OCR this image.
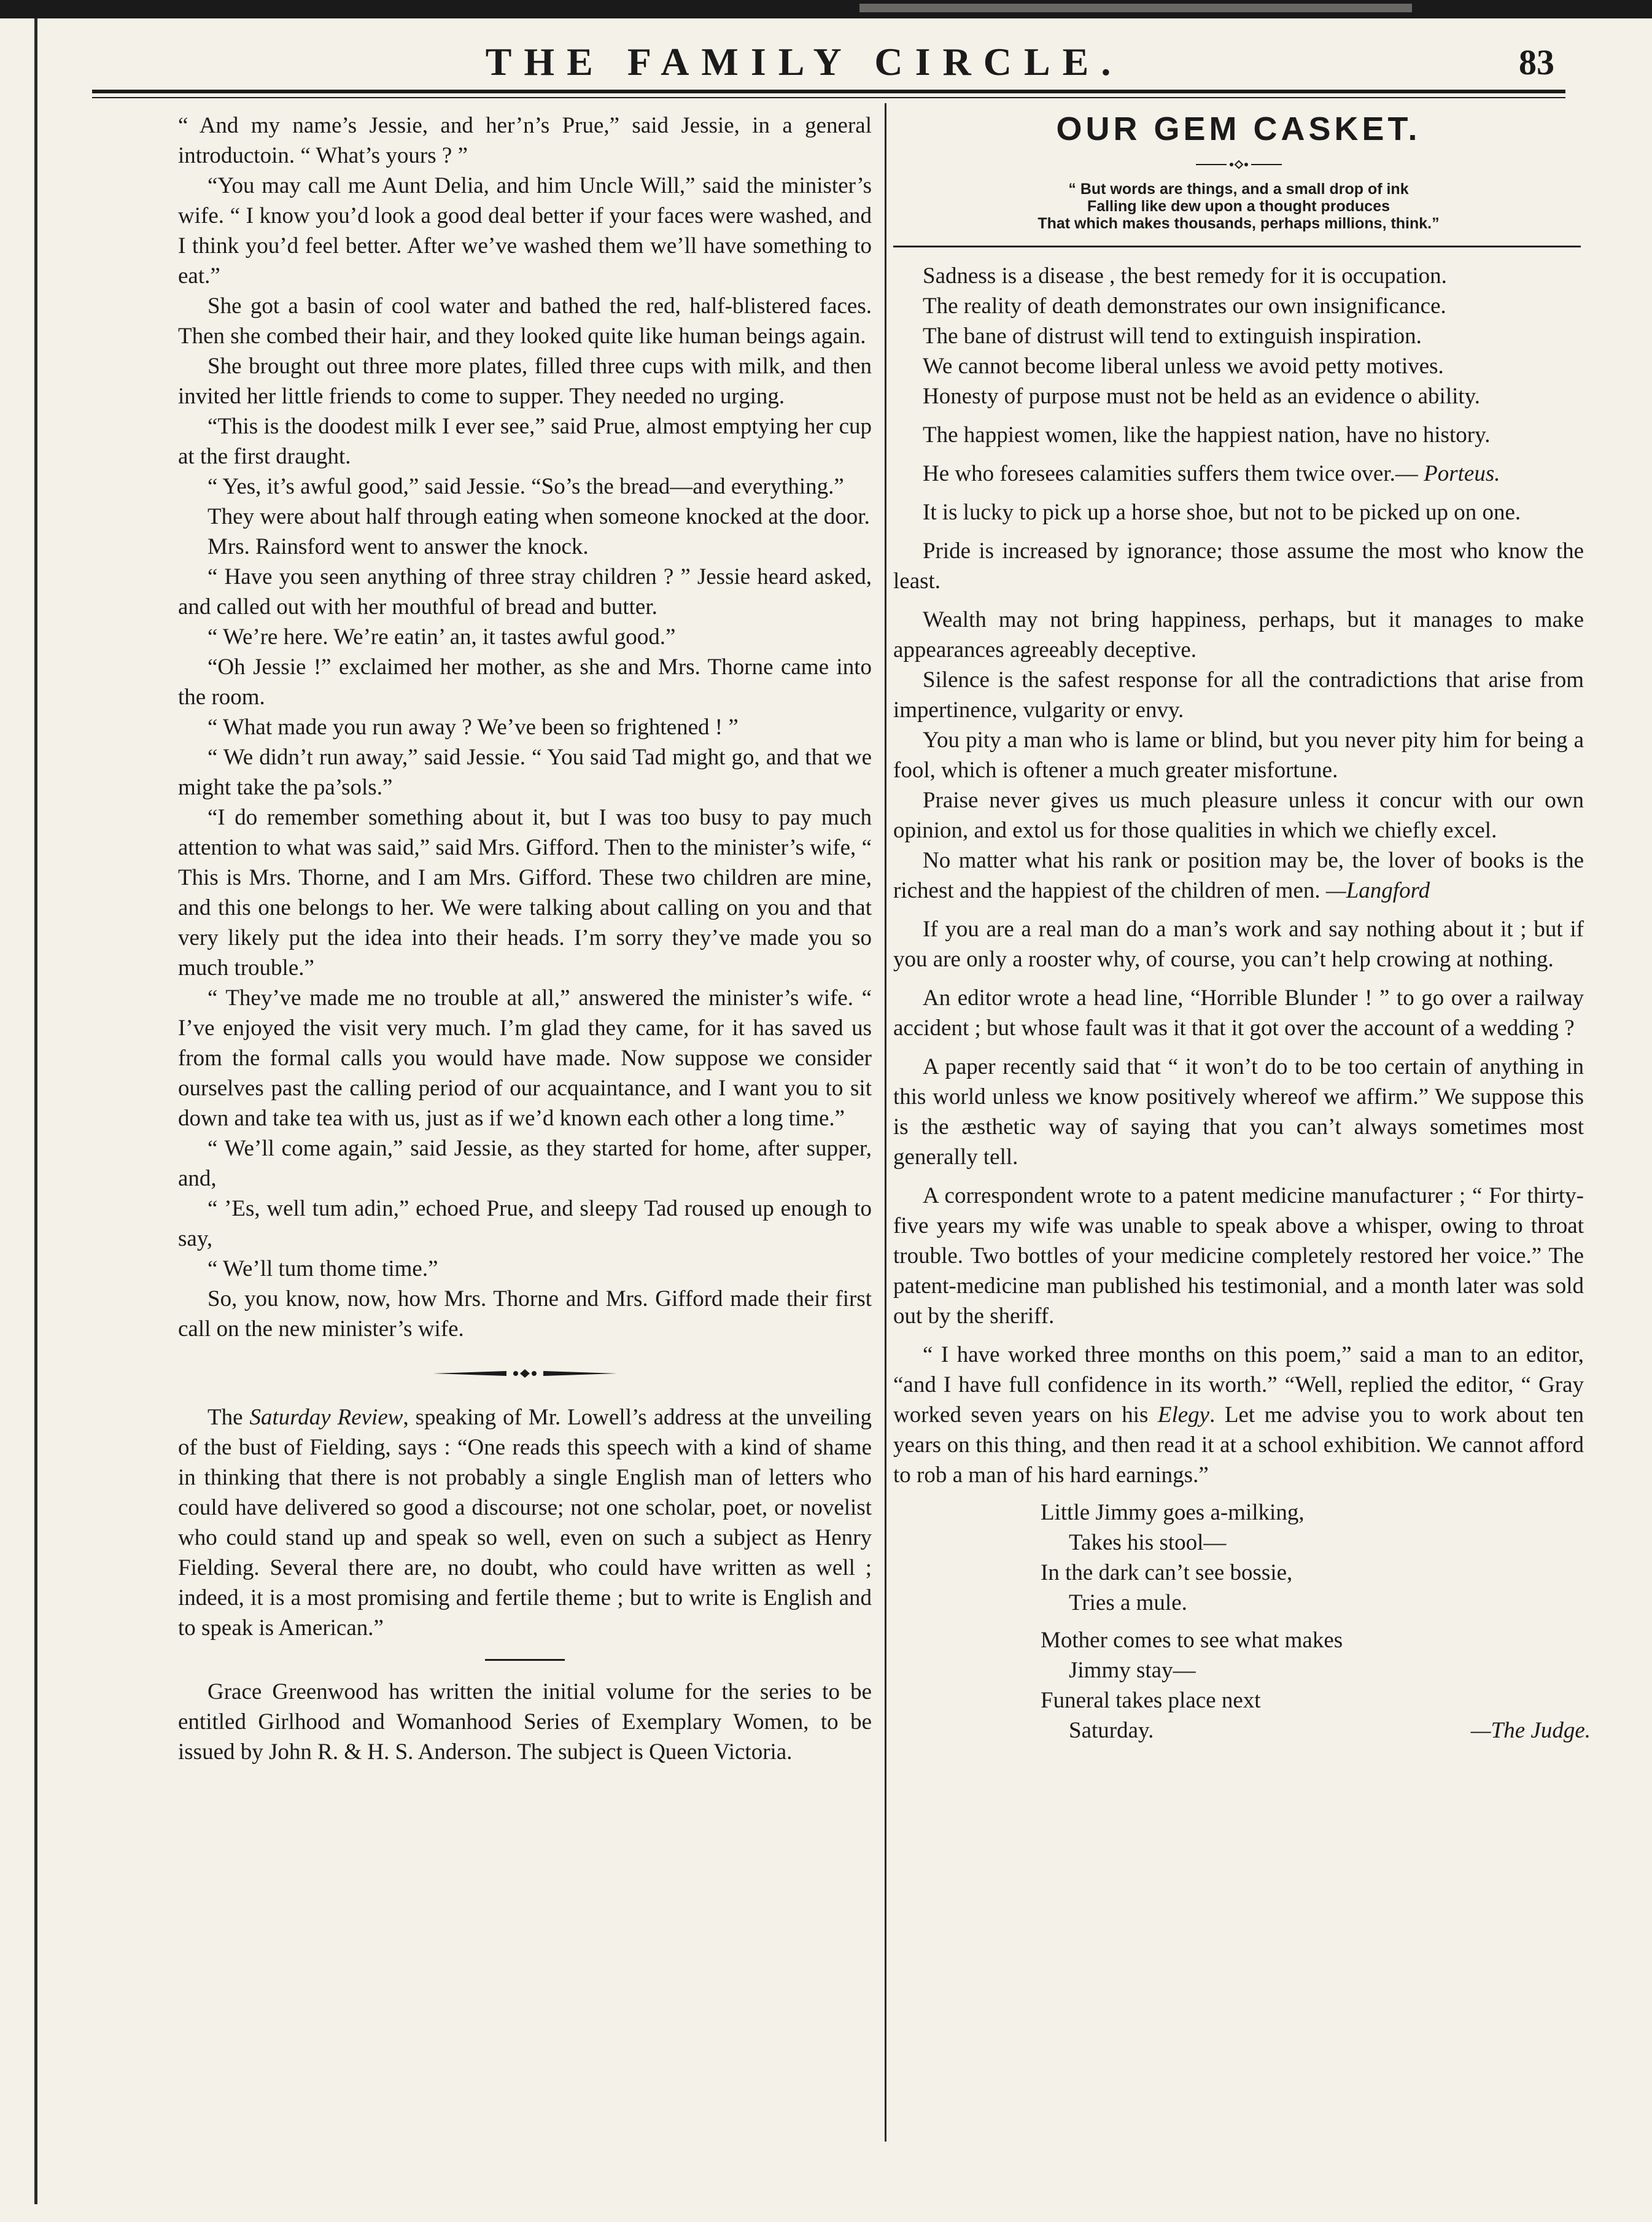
THE FAMILY CIRCLE.	83

“ And my name’s Jessie, and her’n’s Prue,” said Jessie, in a general introductoin. “ What’s yours ? ”

“You may call me Aunt Delia, and him Uncle Will,” said the minister’s wife. “ I know you’d look a good deal better if your faces were washed, and I think you’d feel better. After we’ve washed them we’ll have something to eat.”

She got a basin of cool water and bathed the red, half-blistered faces. Then she combed their hair, and they looked quite like human beings again.

She brought out three more plates, filled three cups with milk, and then invited her little friends to come to supper. They needed no urging.

“This is the doodest milk I ever see,” said Prue, almost emptying her cup at the first draught.

“ Yes, it’s awful good,” said Jessie. “So’s the bread—and everything.”

They were about half through eating when someone knocked at the door.

Mrs. Rainsford went to answer the knock.

“ Have you seen anything of three stray children ? ” Jessie heard asked, and called out with her mouthful of bread and butter.

“ We’re here. We’re eatin’ an, it tastes awful good.”

“Oh Jessie !” exclaimed her mother, as she and Mrs. Thorne came into the room.

“ What made you run away ? We’ve been so frightened ! ”

“ We didn’t run away,” said Jessie. “ You said Tad might go, and that we might take the pa’sols.”

“I do remember something about it, but I was too busy to pay much attention to what was said,” said Mrs. Gifford. Then to the minister’s wife, “ This is Mrs. Thorne, and I am Mrs. Gifford. These two children are mine, and this one belongs to her. We were talking about calling on you and that very likely put the idea into their heads. I’m sorry they’ve made you so much trouble.”

“ They’ve made me no trouble at all,” answered the minister’s wife. “ I’ve enjoyed the visit very much. I’m glad they came, for it has saved us from the formal calls you would have made. Now suppose we consider ourselves past the calling period of our acquaintance, and I want you to sit down and take tea with us, just as if we’d known each other a long time.”

“ We’ll come again,” said Jessie, as they started for home, after supper, and,

“ ’Es, well tum adin,” echoed Prue, and sleepy Tad roused up enough to say,

“ We’ll tum thome time.”

So, you know, now, how Mrs. Thorne and Mrs. Gifford made their first call on the new minister’s wife.

The Saturday Review, speaking of Mr. Lowell’s address at the unveiling of the bust of Fielding, says : “One reads this speech with a kind of shame in thinking that there is not probably a single English man of letters who could have delivered so good a discourse; not one scholar, poet, or novelist who could stand up and speak so well, even on such a subject as Henry Fielding. Several there are, no doubt, who could have written as well ; indeed, it is a most promising and fertile theme ; but to write is English and to speak is American.”

Grace Greenwood has written the initial volume for the series to be entitled Girlhood and Womanhood Series of Exemplary Women, to be issued by John R. & H. S. Anderson. The subject is Queen Victoria.

OUR GEM CASKET.
“ But words are things, and a small drop of ink
Falling like dew upon a thought produces
That which makes thousands, perhaps millions, think.”

Sadness is a disease , the best remedy for it is occupation.

The reality of death demonstrates our own insignificance.

The bane of distrust will tend to extinguish inspiration.

We cannot become liberal unless we avoid petty motives.

Honesty of purpose must not be held as an evidence o ability.

The happiest women, like the happiest nation, have no history.

He who foresees calamities suffers them twice over.— Porteus.

It is lucky to pick up a horse shoe, but not to be picked up on one.

Pride is increased by ignorance; those assume the most who know the least.

Wealth may not bring happiness, perhaps, but it manages to make appearances agreeably deceptive.

Silence is the safest response for all the contradictions that arise from impertinence, vulgarity or envy.

You pity a man who is lame or blind, but you never pity him for being a fool, which is oftener a much greater misfortune.

Praise never gives us much pleasure unless it concur with our own opinion, and extol us for those qualities in which we chiefly excel.

No matter what his rank or position may be, the lover of books is the richest and the happiest of the children of men. —Langford

If you are a real man do a man’s work and say nothing about it ; but if you are only a rooster why, of course, you can’t help crowing at nothing.

An editor wrote a head line, “Horrible Blunder ! ” to go over a railway accident ; but whose fault was it that it got over the account of a wedding ?

A paper recently said that “ it won’t do to be too certain of anything in this world unless we know positively whereof we affirm.” We suppose this is the æsthetic way of saying that you can’t always sometimes most generally tell.

A correspondent wrote to a patent medicine manufacturer ; “ For thirty-five years my wife was unable to speak above a whisper, owing to throat trouble. Two bottles of your medicine completely restored her voice.” The patent-medicine man published his testimonial, and a month later was sold out by the sheriff.

“ I have worked three months on this poem,” said a man to an editor, “and I have full confidence in its worth.” “Well, replied the editor, “ Gray worked seven years on his Elegy. Let me advise you to work about ten years on this thing, and then read it at a school exhibition. We cannot afford to rob a man of his hard earnings.”

Little Jimmy goes a-milking,
Takes his stool—
In the dark can’t see bossie,
Tries a mule.
Mother comes to see what makes
Jimmy stay—
Funeral takes place next
Saturday.	—The Judge.
